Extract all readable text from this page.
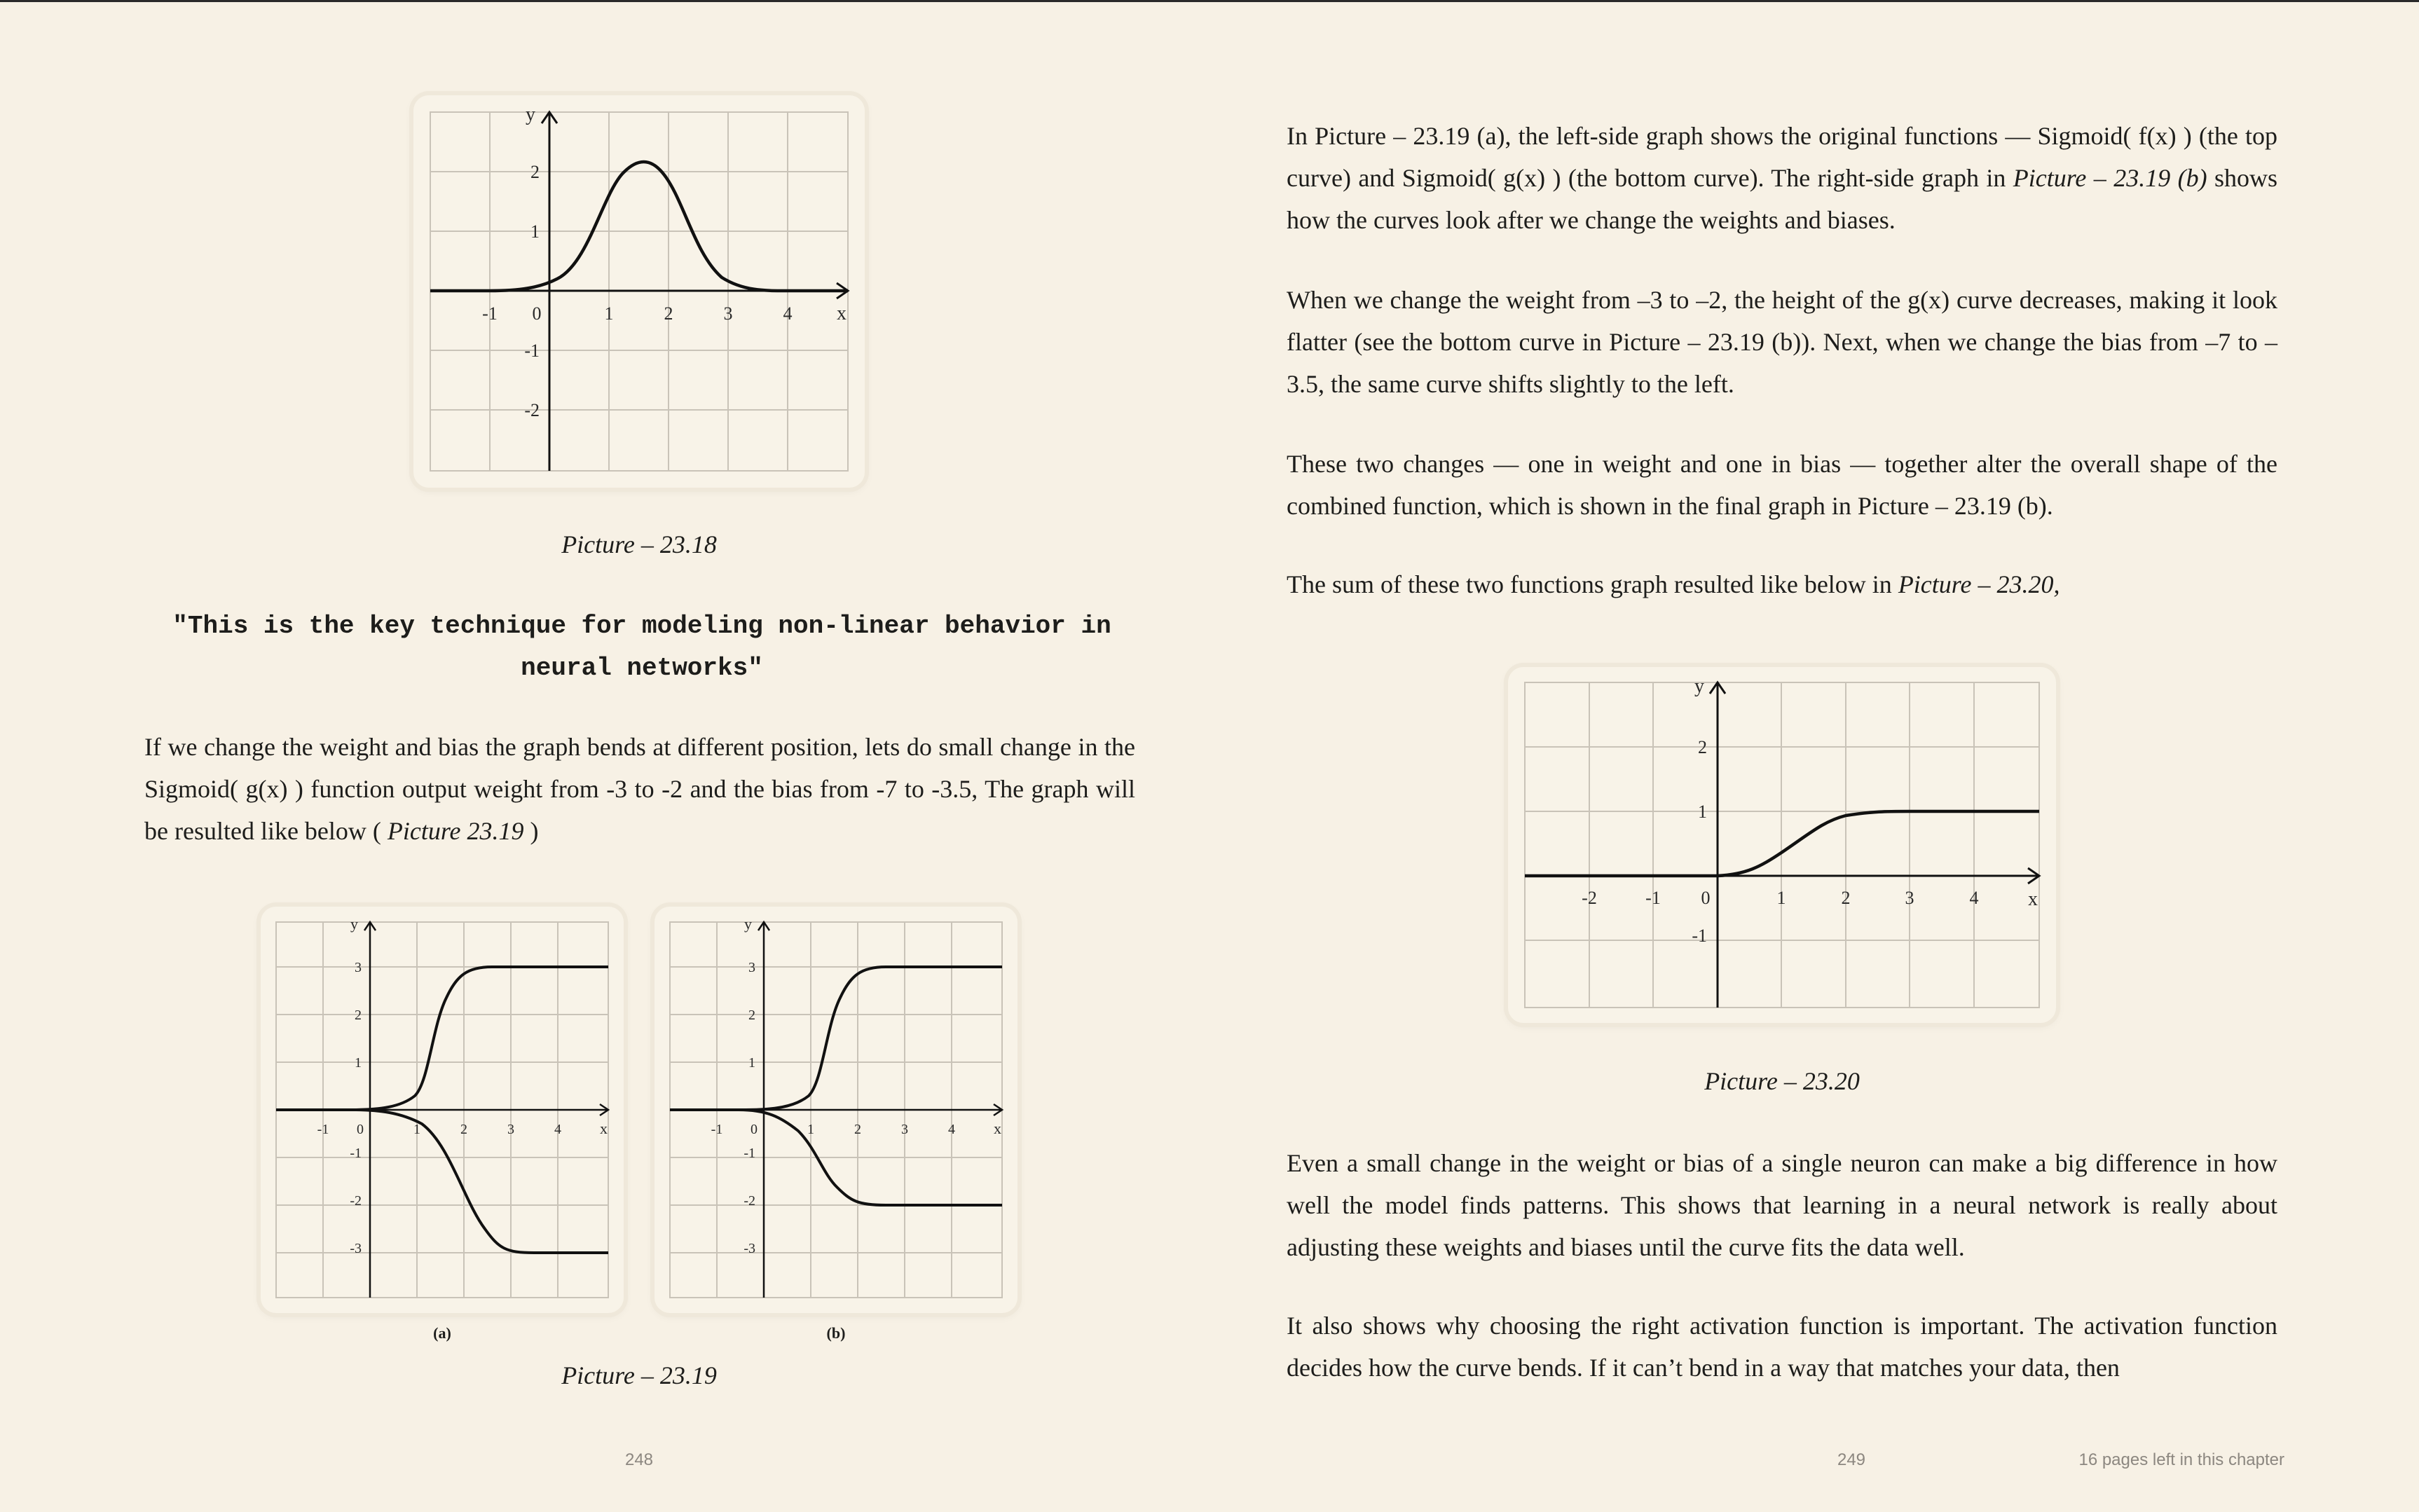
y
x
-1 0	1	2	3	4
2
1
-1
-2
Picture – 23.18
"This is the key technique for modeling non-linear behavior in neural networks"

If we change the weight and bias the graph bends at different position, lets do small change in the Sigmoid( g(x) ) function output weight from -3 to -2 and the bias from -7 to -3.5, The graph will be resulted like below ( Picture 23.19 )

y
x
-1 0	1	2	3	4
3
2
1
-1
-2
-3
(a)
y
x
-1 0	1	2	3	4
3
2
1
-1
-2
-3
(b)
Picture – 23.19
248

In Picture – 23.19 (a), the left-side graph shows the original functions — Sigmoid( f(x) ) (the top curve) and Sigmoid( g(x) ) (the bottom curve). The right-side graph in Picture – 23.19 (b) shows how the curves look after we change the weights and biases.

When we change the weight from –3 to –2, the height of the g(x) curve decreases, making it look flatter (see the bottom curve in Picture – 23.19 (b)). Next, when we change the bias from –7 to –3.5, the same curve shifts slightly to the left.

These two changes — one in weight and one in bias — together alter the overall shape of the combined function, which is shown in the final graph in Picture – 23.19 (b).

The sum of these two functions graph resulted like below in Picture – 23.20,

y
x
-2	-1 0	1	2	3	4
2
1
-1
Picture – 23.20

Even a small change in the weight or bias of a single neuron can make a big difference in how well the model finds patterns. This shows that learning in a neural network is really about adjusting these weights and biases until the curve fits the data well.

It also shows why choosing the right activation function is important. The activation function decides how the curve bends. If it can’t bend in a way that matches your data, then

249	16 pages left in this chapter
